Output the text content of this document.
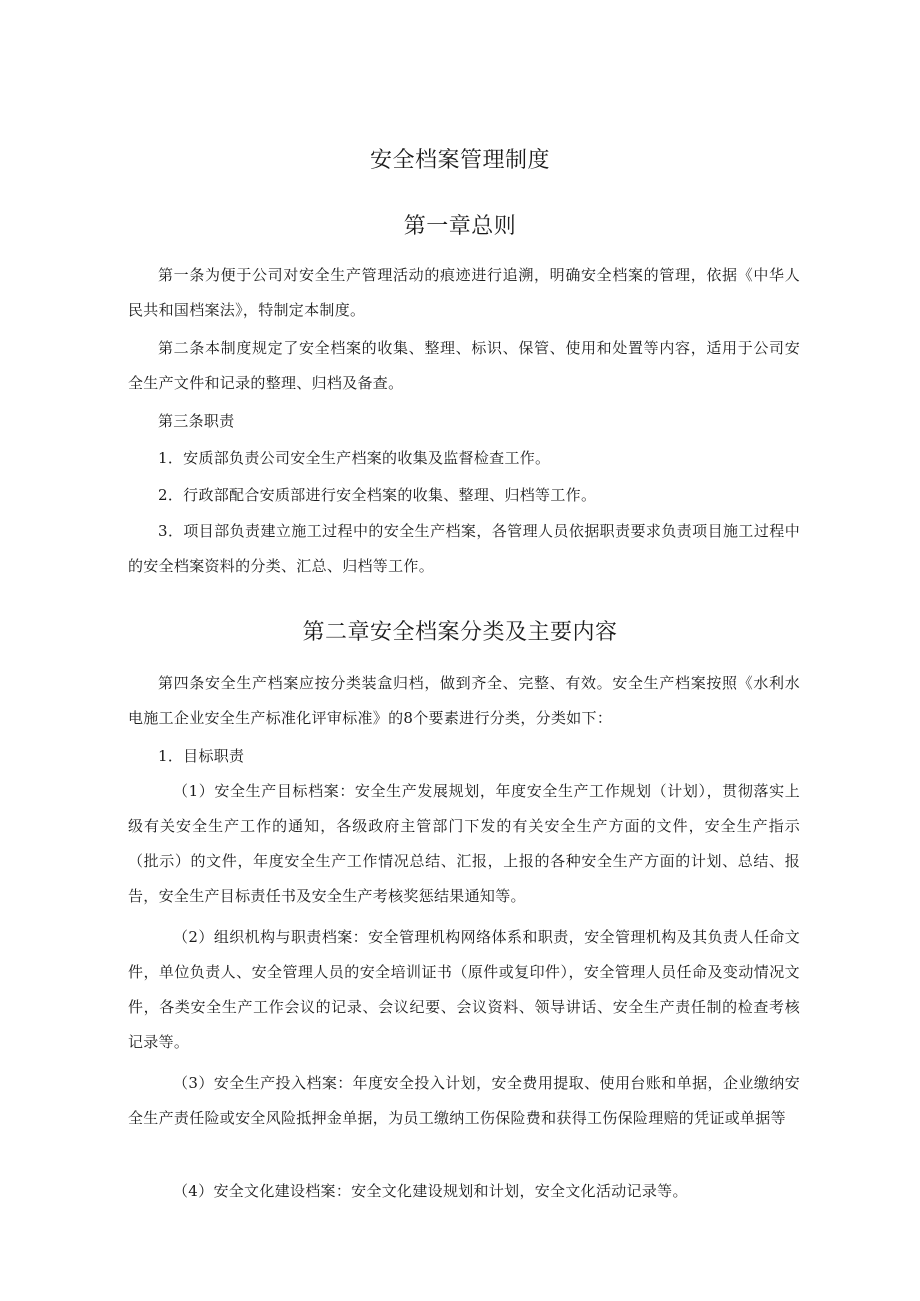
安全档案管理制度
第一章总则

第一条为便于公司对安全生产管理活动的痕迹进行追溯，明确安全档案的管理，依据《中华人民共和国档案法》，特制定本制度。

第二条本制度规定了安全档案的收集、整理、标识、保管、使用和处置等内容，适用于公司安全生产文件和记录的整理、归档及备查。

第三条职责

1．安质部负责公司安全生产档案的收集及监督检查工作。

2．行政部配合安质部进行安全档案的收集、整理、归档等工作。

3．项目部负责建立施工过程中的安全生产档案，各管理人员依据职责要求负责项目施工过程中的安全档案资料的分类、汇总、归档等工作。

第二章安全档案分类及主要内容

第四条安全生产档案应按分类装盒归档，做到齐全、完整、有效。安全生产档案按照《水利水电施工企业安全生产标准化评审标准》的8个要素进行分类，分类如下：

1．目标职责

（1）安全生产目标档案：安全生产发展规划，年度安全生产工作规划（计划），贯彻落实上级有关安全生产工作的通知，各级政府主管部门下发的有关安全生产方面的文件，安全生产指示（批示）的文件，年度安全生产工作情况总结、汇报，上报的各种安全生产方面的计划、总结、报告，安全生产目标责任书及安全生产考核奖惩结果通知等。

（2）组织机构与职责档案：安全管理机构网络体系和职责，安全管理机构及其负责人任命文件，单位负责人、安全管理人员的安全培训证书（原件或复印件），安全管理人员任命及变动情况文件，各类安全生产工作会议的记录、会议纪要、会议资料、领导讲话、安全生产责任制的检查考核记录等。

（3）安全生产投入档案：年度安全投入计划，安全费用提取、使用台账和单据，企业缴纳安全生产责任险或安全风险抵押金单据，为员工缴纳工伤保险费和获得工伤保险理赔的凭证或单据等

（4）安全文化建设档案：安全文化建设规划和计划，安全文化活动记录等。
